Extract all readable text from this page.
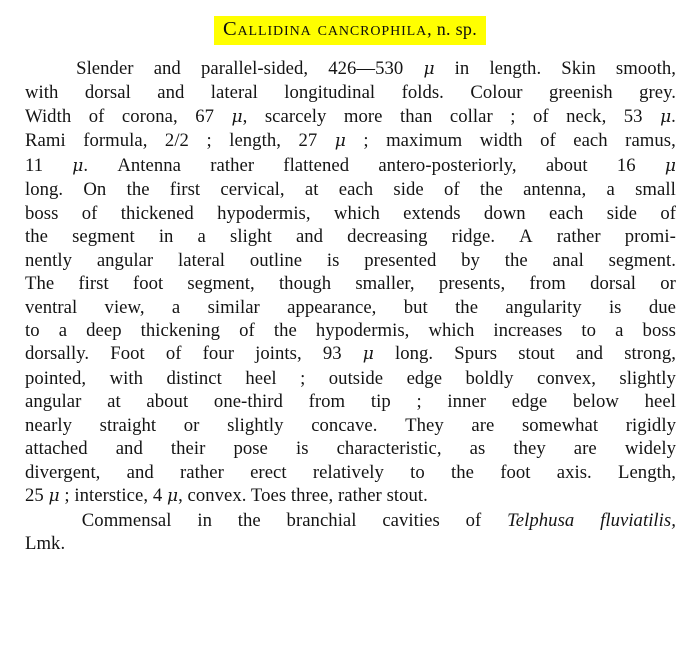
Callidina cancrophila, n. sp.
Slender and parallel-sided, 426—530 μ in length. Skin smooth,
with dorsal and lateral longitudinal folds. Colour greenish grey.
Width of corona, 67 μ, scarcely more than collar ; of neck, 53 μ.
Rami formula, 2/2 ; length, 27 μ ; maximum width of each ramus,
11 μ. Antenna rather flattened antero-posteriorly, about 16 μ
long. On the first cervical, at each side of the antenna, a small
boss of thickened hypodermis, which extends down each side of
the segment in a slight and decreasing ridge. A rather promi-
nently angular lateral outline is presented by the anal segment.
The first foot segment, though smaller, presents, from dorsal or
ventral view, a similar appearance, but the angularity is due
to a deep thickening of the hypodermis, which increases to a boss
dorsally. Foot of four joints, 93 μ long. Spurs stout and strong,
pointed, with distinct heel ; outside edge boldly convex, slightly
angular at about one-third from tip ; inner edge below heel
nearly straight or slightly concave. They are somewhat rigidly
attached and their pose is characteristic, as they are widely
divergent, and rather erect relatively to the foot axis. Length,
25 μ ; interstice, 4 μ, convex. Toes three, rather stout.
Commensal in the branchial cavities of Telphusa fluviatilis,
Lmk.
